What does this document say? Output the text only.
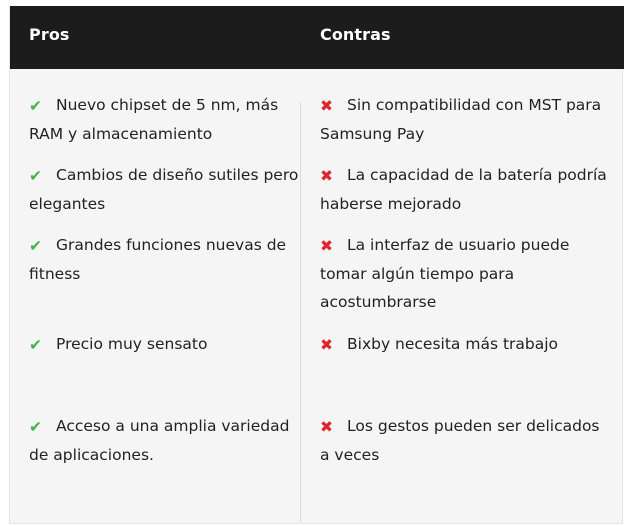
Pros	Contras
✔ Nuevo chipset de 5 nm, más RAM y almacenamiento
✔ Cambios de diseño sutiles pero elegantes
✔ Grandes funciones nuevas de fitness
✔ Precio muy sensato
✔ Acceso a una amplia variedad de aplicaciones.
✖ Sin compatibilidad con MST para Samsung Pay
✖ La capacidad de la batería podría haberse mejorado
✖ La interfaz de usuario puede tomar algún tiempo para acostumbrarse
✖ Bixby necesita más trabajo
✖ Los gestos pueden ser delicados a veces
